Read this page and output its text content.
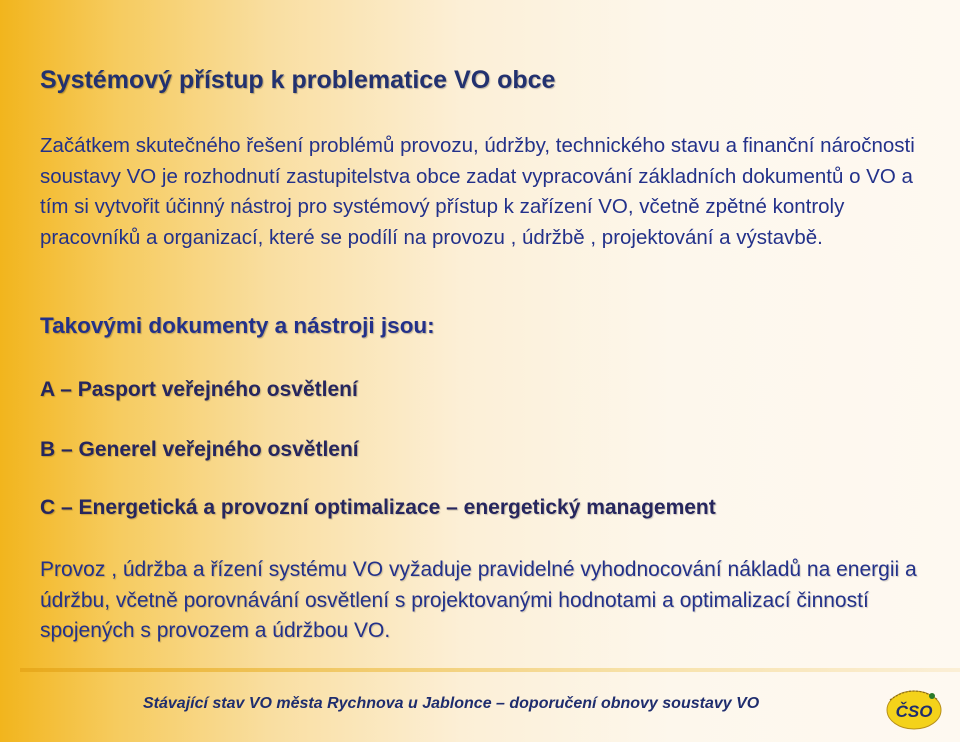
Systémový přístup k problematice VO obce

Začátkem skutečného řešení problémů provozu, údržby, technického stavu a finanční náročnosti soustavy VO je rozhodnutí zastupitelstva obce zadat vypracování základních dokumentů o VO a tím si vytvořit účinný nástroj pro systémový přístup k zařízení VO, včetně zpětné kontroly pracovníků a organizací, které se podílí na provozu , údržbě , projektování a výstavbě.

Takovými dokumenty a nástroji jsou:
A – Pasport veřejného osvětlení
B – Generel veřejného osvětlení
C – Energetická a provozní optimalizace – energetický management

Provoz , údržba a řízení systému VO vyžaduje pravidelné vyhodnocování nákladů na energii a údržbu, včetně porovnávání osvětlení s projektovanými hodnotami a optimalizací činností spojených s provozem a údržbou VO.

Stávající stav VO města Rychnova u Jablonce – doporučení obnovy soustavy VO	ČSO
